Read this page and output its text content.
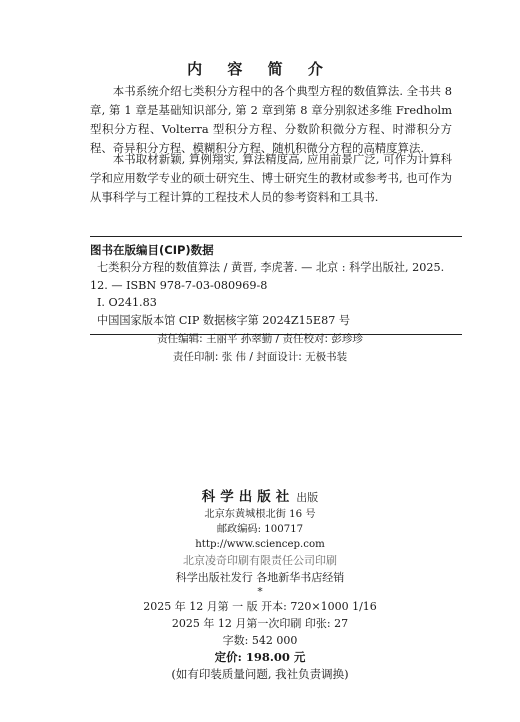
内 容 简 介

本书系统介绍七类积分方程中的各个典型方程的数值算法. 全书共 8 章, 第 1 章是基础知识部分, 第 2 章到第 8 章分别叙述多维 Fredholm 型积分方程、Volterra 型积分方程、分数阶积微分方程、时滞积分方程、奇异积分方程、模糊积分方程、随机积微分方程的高精度算法.

本书取材新颖, 算例翔实, 算法精度高, 应用前景广泛, 可作为计算科学和应用数学专业的硕士研究生、博士研究生的教材或参考书, 也可作为从事科学与工程计算的工程技术人员的参考资料和工具书.

图书在版编目(CIP)数据
七类积分方程的数值算法 / 黄晋, 李虎著. — 北京 : 科学出版社, 2025.
12. — ISBN 978-7-03-080969-8
Ⅰ. O241.83
中国国家版本馆 CIP 数据核字第 2024Z15E87 号
责任编辑: 王丽平 孙翠勤 / 责任校对: 彭珍珍
责任印制: 张 伟 / 封面设计: 无极书装
科学出版社 出版
北京东黄城根北街 16 号
邮政编码: 100717
http://www.sciencep.com
北京凌奇印刷有限责任公司印刷
科学出版社发行 各地新华书店经销
*
2025 年 12 月第 一 版 开本: 720×1000 1/16
2025 年 12 月第一次印刷 印张: 27
字数: 542 000
定价: 198.00 元
(如有印装质量问题, 我社负责调换)
